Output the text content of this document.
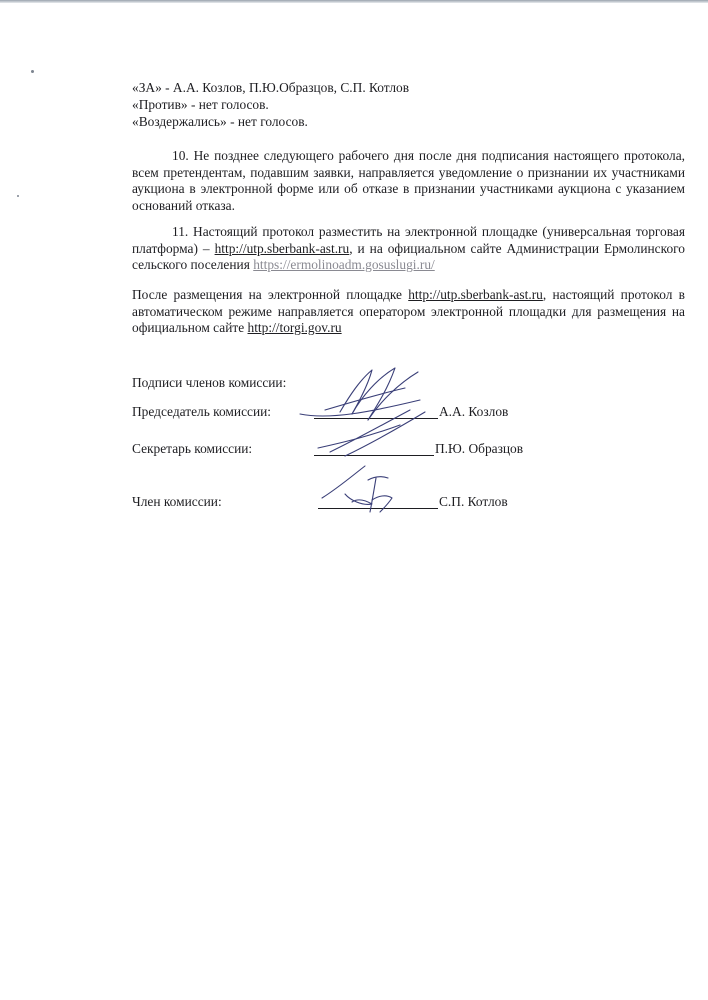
«ЗА» - А.А. Козлов, П.Ю.Образцов, С.П. Котлов
«Против» - нет голосов.
«Воздержались» - нет голосов.
10. Не позднее следующего рабочего дня после дня подписания настоящего протокола, всем претендентам, подавшим заявки, направляется уведомление о признании их участниками аукциона в электронной форме или об отказе в признании участниками аукциона с указанием оснований отказа.
11. Настоящий протокол разместить на электронной площадке (универсальная торговая платформа) – http://utp.sberbank-ast.ru, и на официальном сайте Администрации Ермолинского сельского поселения https://ermolinoadm.gosuslugi.ru/
После размещения на электронной площадке http://utp.sberbank-ast.ru, настоящий протокол в автоматическом режиме направляется оператором электронной площадки для размещения на официальном сайте http://torgi.gov.ru
Подписи членов комиссии:
Председатель комиссии:	А.А. Козлов
Секретарь комиссии:	П.Ю. Образцов
Член комиссии:	С.П. Котлов
